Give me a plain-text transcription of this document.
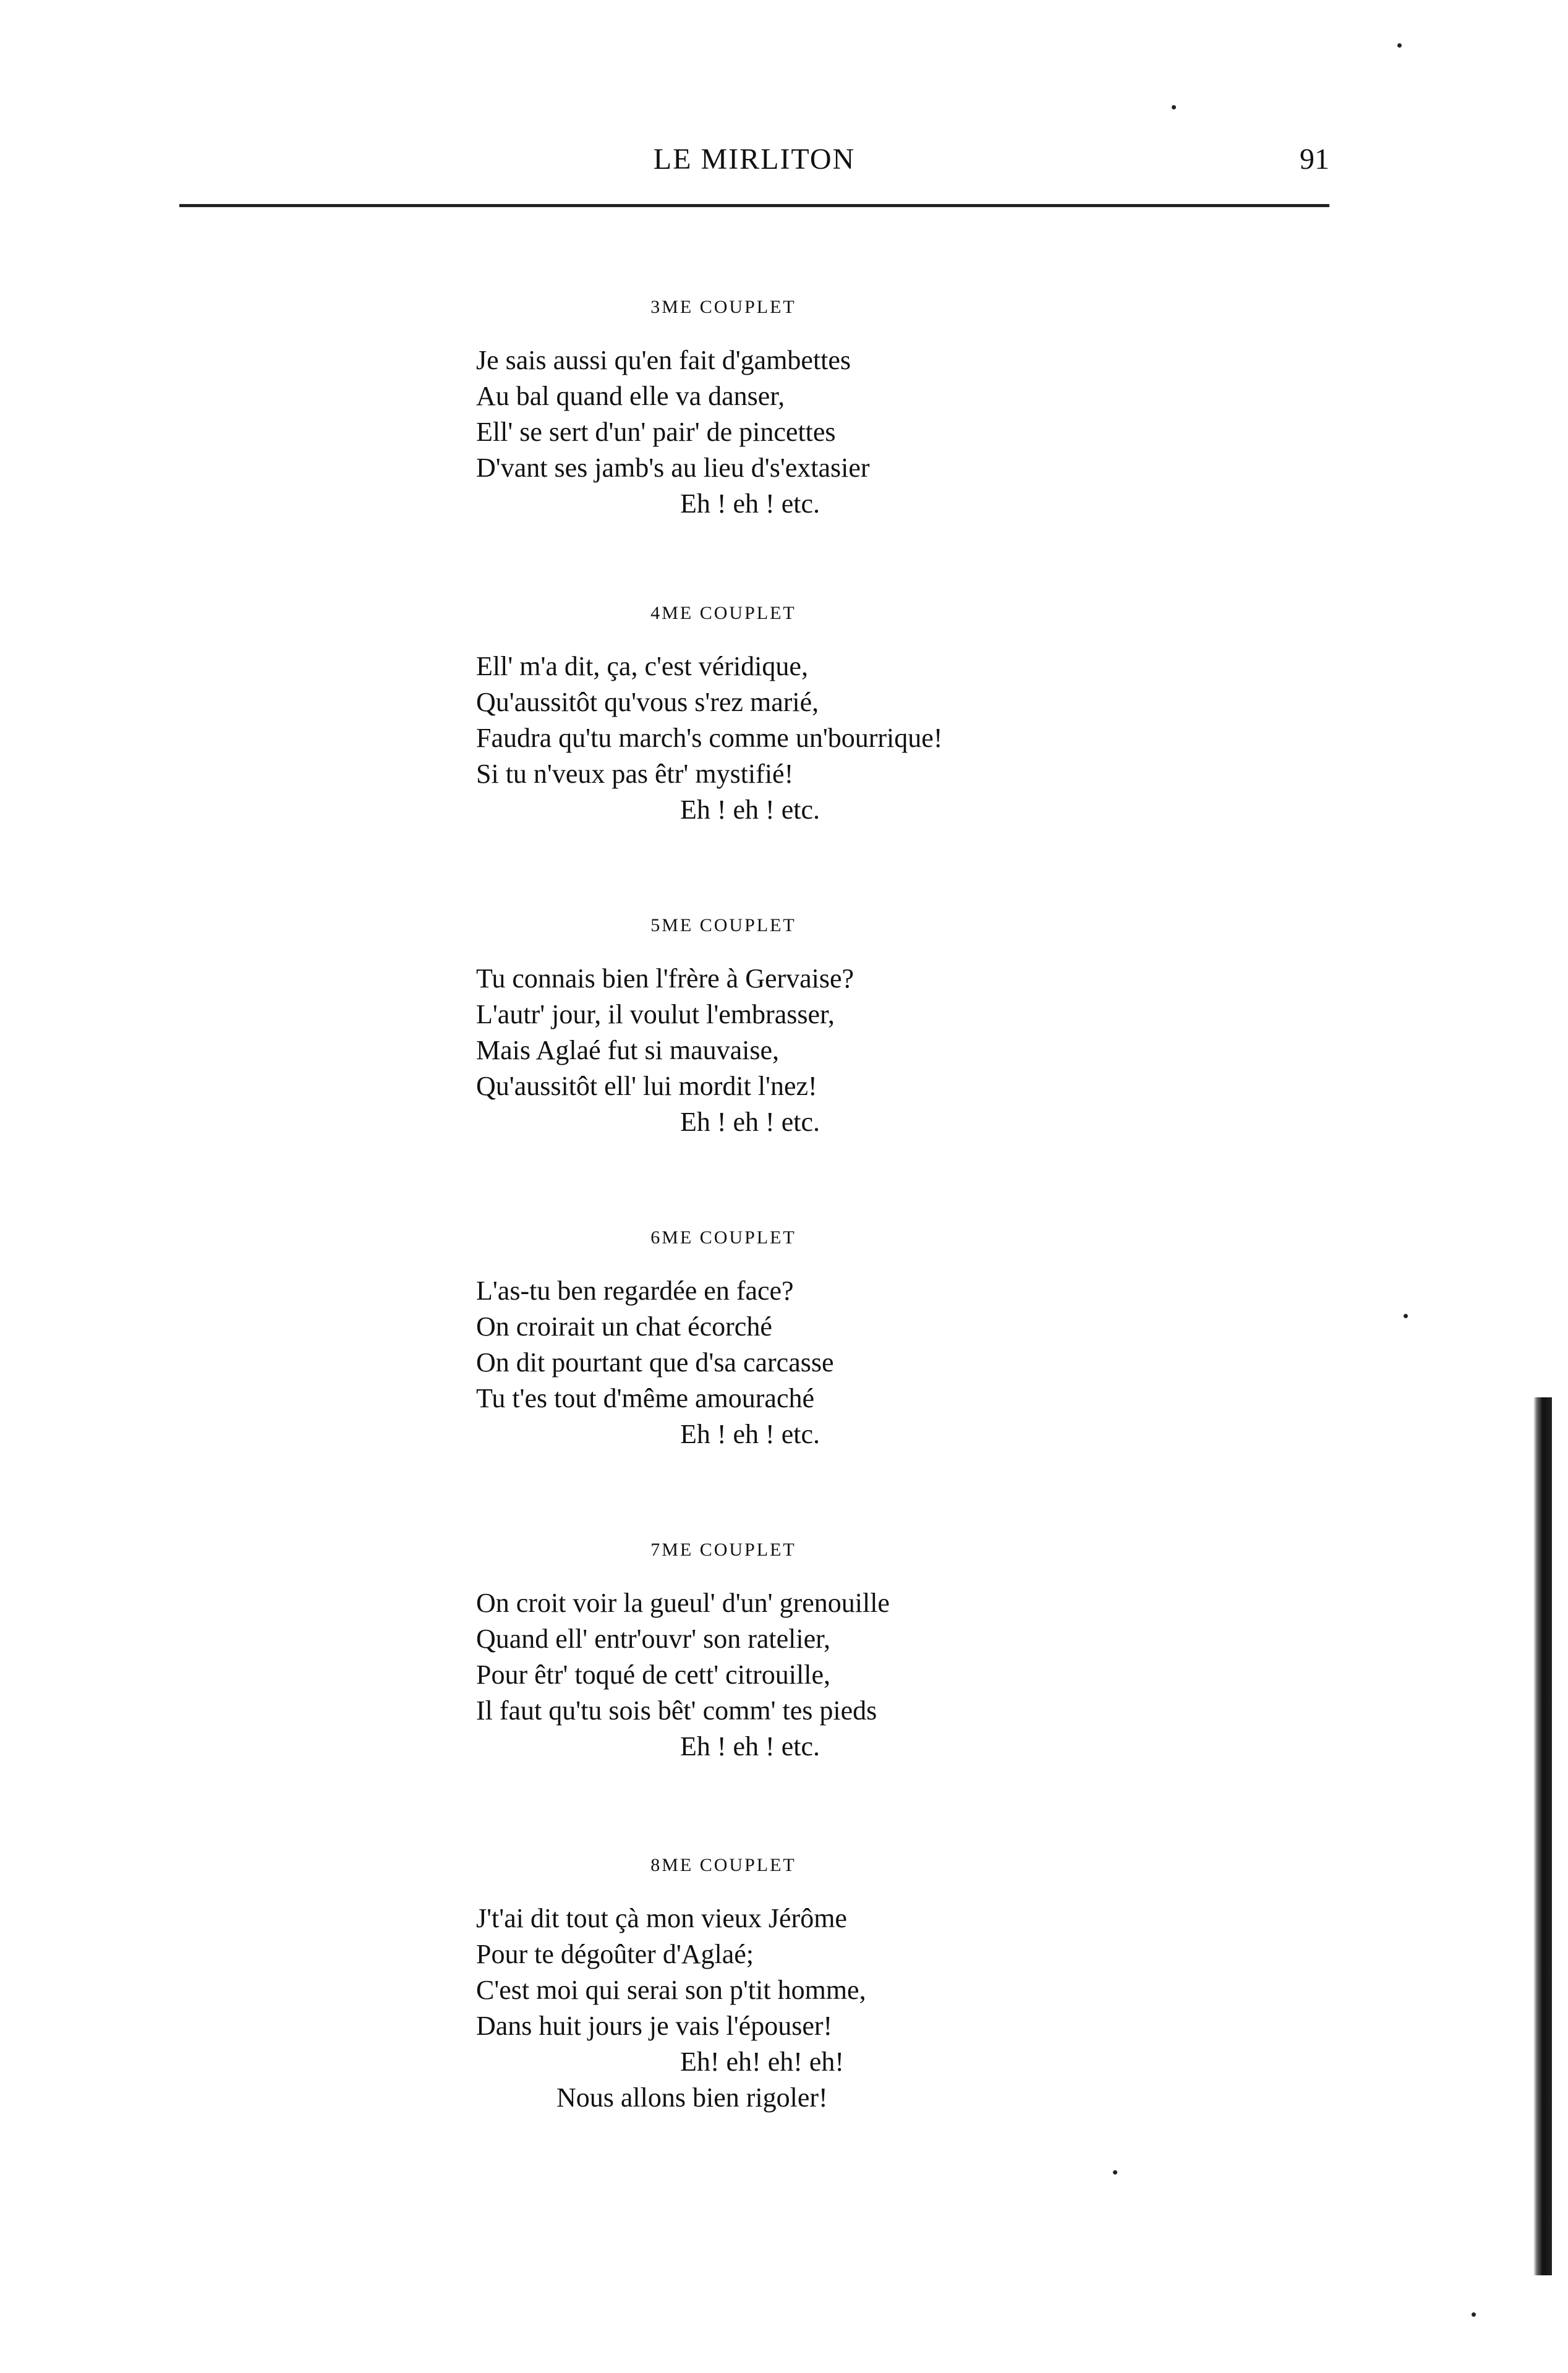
LE MIRLITON	91
3ME COUPLET
Je sais aussi qu'en fait d'gambettes
Au bal quand elle va danser,
Ell' se sert d'un' pair' de pincettes
D'vant ses jamb's au lieu d's'extasier
Eh ! eh ! etc.
4ME COUPLET
Ell' m'a dit, ça, c'est véridique,
Qu'aussitôt qu'vous s'rez marié,
Faudra qu'tu march's comme un'bourrique!
Si tu n'veux pas êtr' mystifié!
Eh ! eh ! etc.
5ME COUPLET
Tu connais bien l'frère à Gervaise?
L'autr' jour, il voulut l'embrasser,
Mais Aglaé fut si mauvaise,
Qu'aussitôt ell' lui mordit l'nez!
Eh ! eh ! etc.
6ME COUPLET
L'as-tu ben regardée en face?
On croirait un chat écorché
On dit pourtant que d'sa carcasse
Tu t'es tout d'même amouraché
Eh ! eh ! etc.
7ME COUPLET
On croit voir la gueul' d'un' grenouille
Quand ell' entr'ouvr' son ratelier,
Pour êtr' toqué de cett' citrouille,
Il faut qu'tu sois bêt' comm' tes pieds
Eh ! eh ! etc.
8ME COUPLET
J't'ai dit tout çà mon vieux Jérôme
Pour te dégoûter d'Aglaé;
C'est moi qui serai son p'tit homme,
Dans huit jours je vais l'épouser!
Eh! eh! eh! eh!
Nous allons bien rigoler!
